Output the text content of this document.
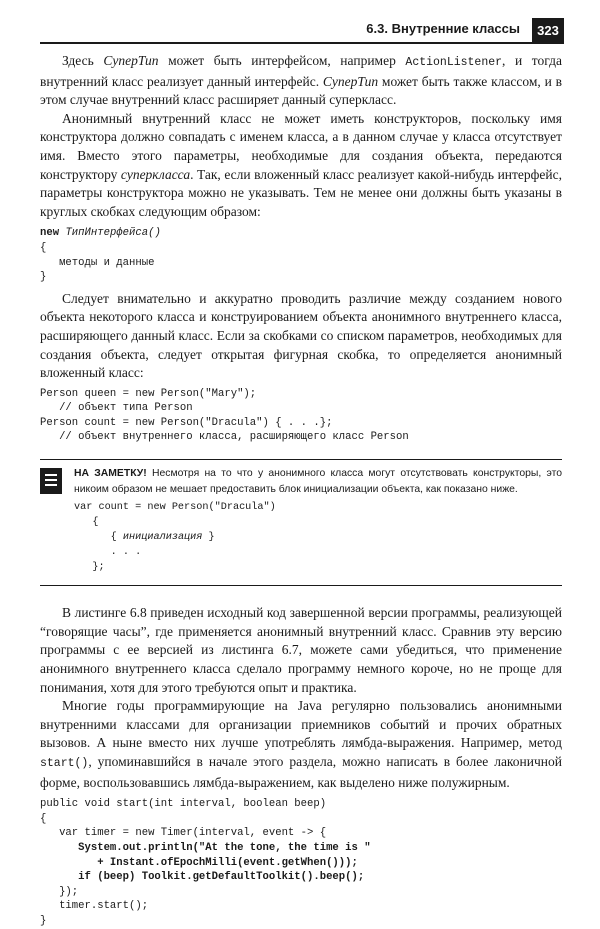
6.3. Внутренние классы	323

Здесь СуперТип может быть интерфейсом, например ActionListener, и тогда внутренний класс реализует данный интерфейс. СуперТип может быть также классом, и в этом случае внутренний класс расширяет данный суперкласс.

Анонимный внутренний класс не может иметь конструкторов, поскольку имя конструктора должно совпадать с именем класса, а в данном случае у класса отсутствует имя. Вместо этого параметры, необходимые для создания объекта, передаются конструктору суперкласса. Так, если вложенный класс реализует какой-нибудь интерфейс, параметры конструктора можно не указывать. Тем не менее они должны быть указаны в круглых скобках следующим образом:

new ТипИнтерфейса()
{
методы и данные
}

Следует внимательно и аккуратно проводить различие между созданием нового объекта некоторого класса и конструированием объекта анонимного внутреннего класса, расширяющего данный класс. Если за скобками со списком параметров, необходимых для создания объекта, следует открытая фигурная скобка, то определяется анонимный вложенный класс:

Person queen = new Person("Mary");
// объект типа Person
Person count = new Person("Dracula") { . . .};
// объект внутреннего класса, расширяющего класс Person
НА ЗАМЕТКУ! Несмотря на то что у анонимного класса могут отсутствовать конструкторы, это никоим образом не мешает предоставить блок инициализации объекта, как показано ниже.
var count = new Person("Dracula")
{
{ инициализация }
. . .
};

В листинге 6.8 приведен исходный код завершенной версии программы, реализующей “говорящие часы”, где применяется анонимный внутренний класс. Сравнив эту версию программы с ее версией из листинга 6.7, можете сами убедиться, что применение анонимного внутреннего класса сделало программу немного короче, но не проще для понимания, хотя для этого требуются опыт и практика.

Многие годы программирующие на Java регулярно пользовались анонимными внутренними классами для организации приемников событий и прочих обратных вызовов. А ныне вместо них лучше употреблять лямбда-выражения. Например, метод start(), упоминавшийся в начале этого раздела, можно написать в более лаконичной форме, воспользовавшись лямбда-выражением, как выделено ниже полужирным.

public void start(int interval, boolean beep)
{
var timer = new Timer(interval, event -> {
System.out.println("At the tone, the time is "
+ Instant.ofEpochMilli(event.getWhen()));
if (beep) Toolkit.getDefaultToolkit().beep();
});
timer.start();
}
